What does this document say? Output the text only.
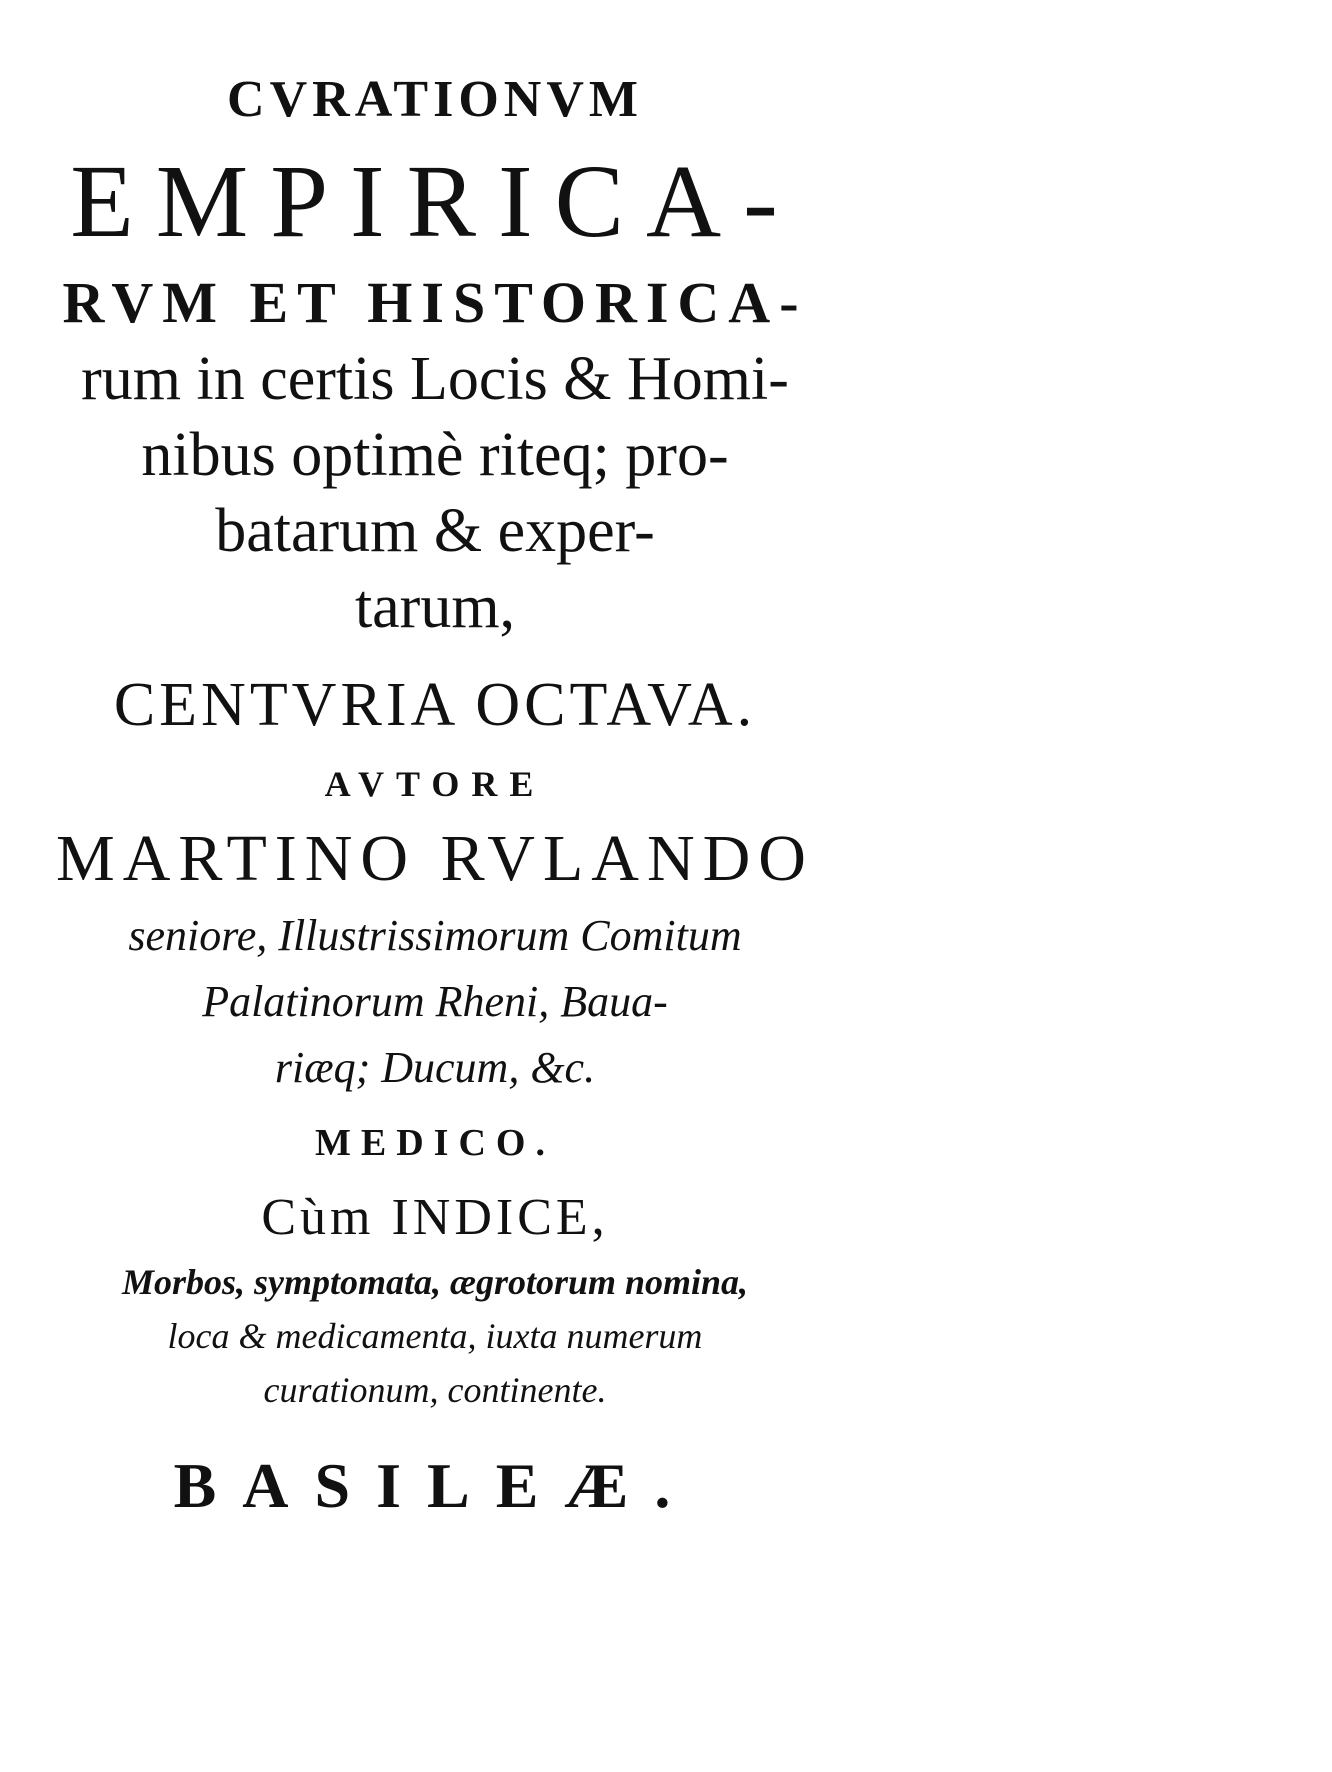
CVRATIONVM
EMPIRICA-
RVM ET HISTORICA-
rum in certis Locis & Homi-
nibus optimè riteq; pro-
batarum & exper-
tarum,
CENTVRIA OCTAVA.
AVTORE
MARTINO RVLANDO
seniore, Illustrissimorum Comitum
Palatinorum Rheni, Baua-
riæq; Ducum, &c.
MEDICO.
Cùm INDICE,
Morbos, symptomata, ægrotorum nomina,
loca & medicamenta, iuxta numerum
curationum, continente.
BASILEÆ.
